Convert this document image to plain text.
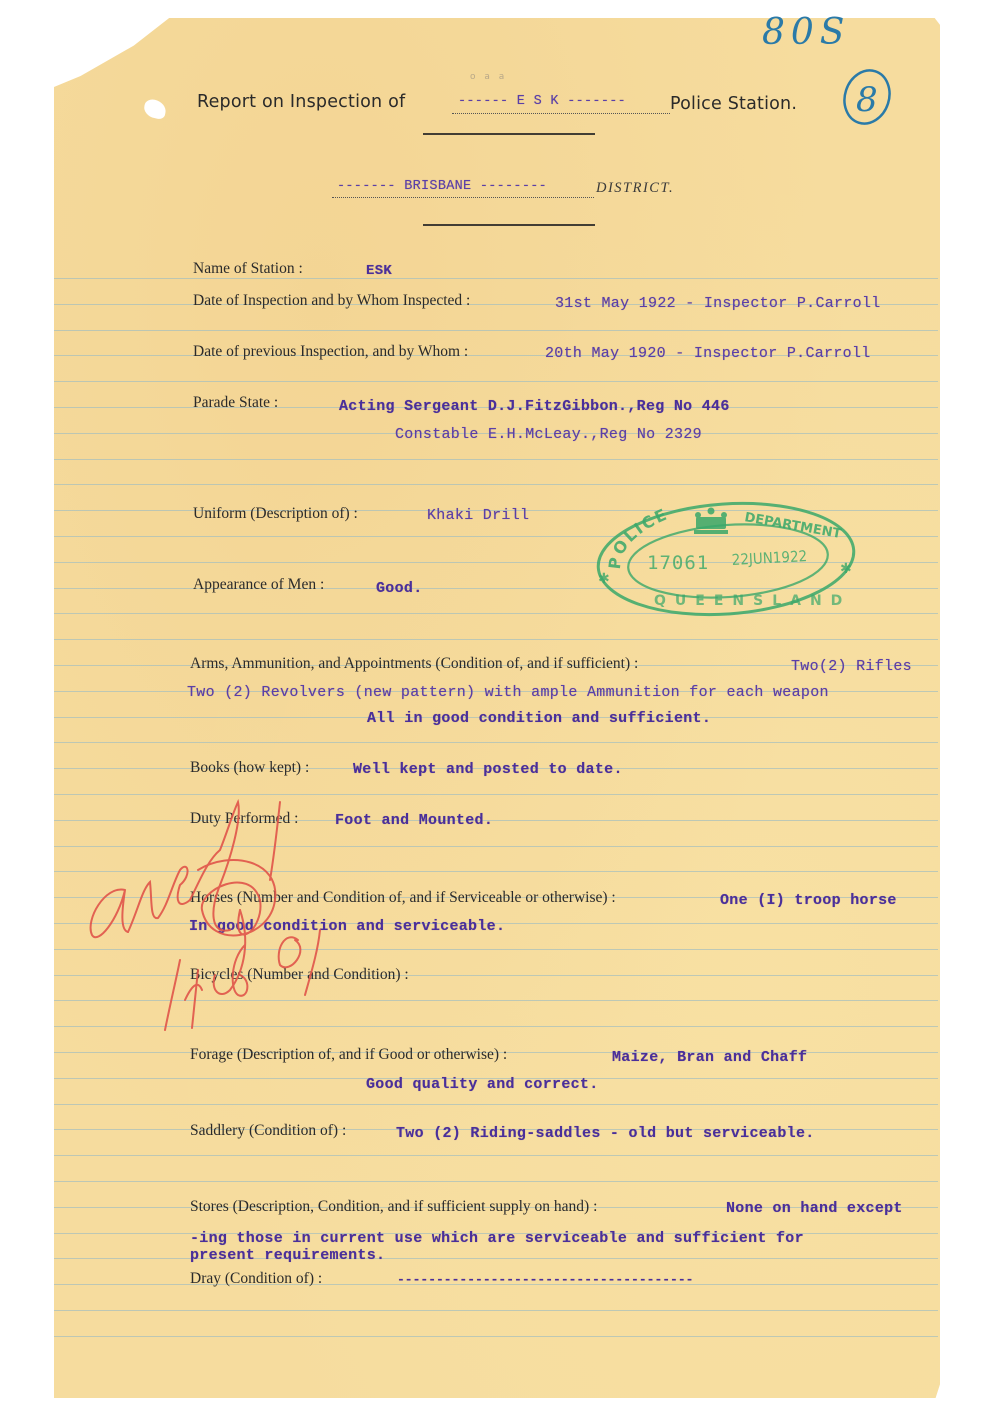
o a a
80S
8
Report on Inspection of	------ E S K -------	Police Station.
------- BRISBANE --------	DISTRICT.
Name of Station :	ESK
Date of Inspection and by Whom Inspected :	31st May 1922 - Inspector P.Carroll
Date of previous Inspection, and by Whom :	20th May 1920 - Inspector P.Carroll
Parade State :	Acting Sergeant D.J.FitzGibbon.,Reg No 446
Constable E.H.McLeay.,Reg No 2329
Uniform (Description of) :	Khaki Drill
Appearance of Men :	Good.
Arms, Ammunition, and Appointments (Condition of, and if sufficient) :	Two(2) Rifles
Two (2) Revolvers (new pattern) with ample Ammunition for each weapon
All in good condition and sufficient.
Books (how kept) :	Well kept and posted to date.
Duty Performed : Foot and Mounted.
Horses (Number and Condition of, and if Serviceable or otherwise) :	One (I) troop horse
In good condition and serviceable.
Bicycles (Number and Condition) :
Forage (Description of, and if Good or otherwise) :	Maize, Bran and Chaff
Good quality and correct.
Saddlery (Condition of) :	Two (2) Riding-saddles - old but serviceable.
Stores (Description, Condition, and if sufficient supply on hand) :	None on hand except
-ing those in current use which are serviceable and sufficient for
present requirements.
Dray (Condition of) :	--------------------------------------
POLICE	DEPARTMENT
17061 22JUN1922
QUEENSLAND
✱
✱
